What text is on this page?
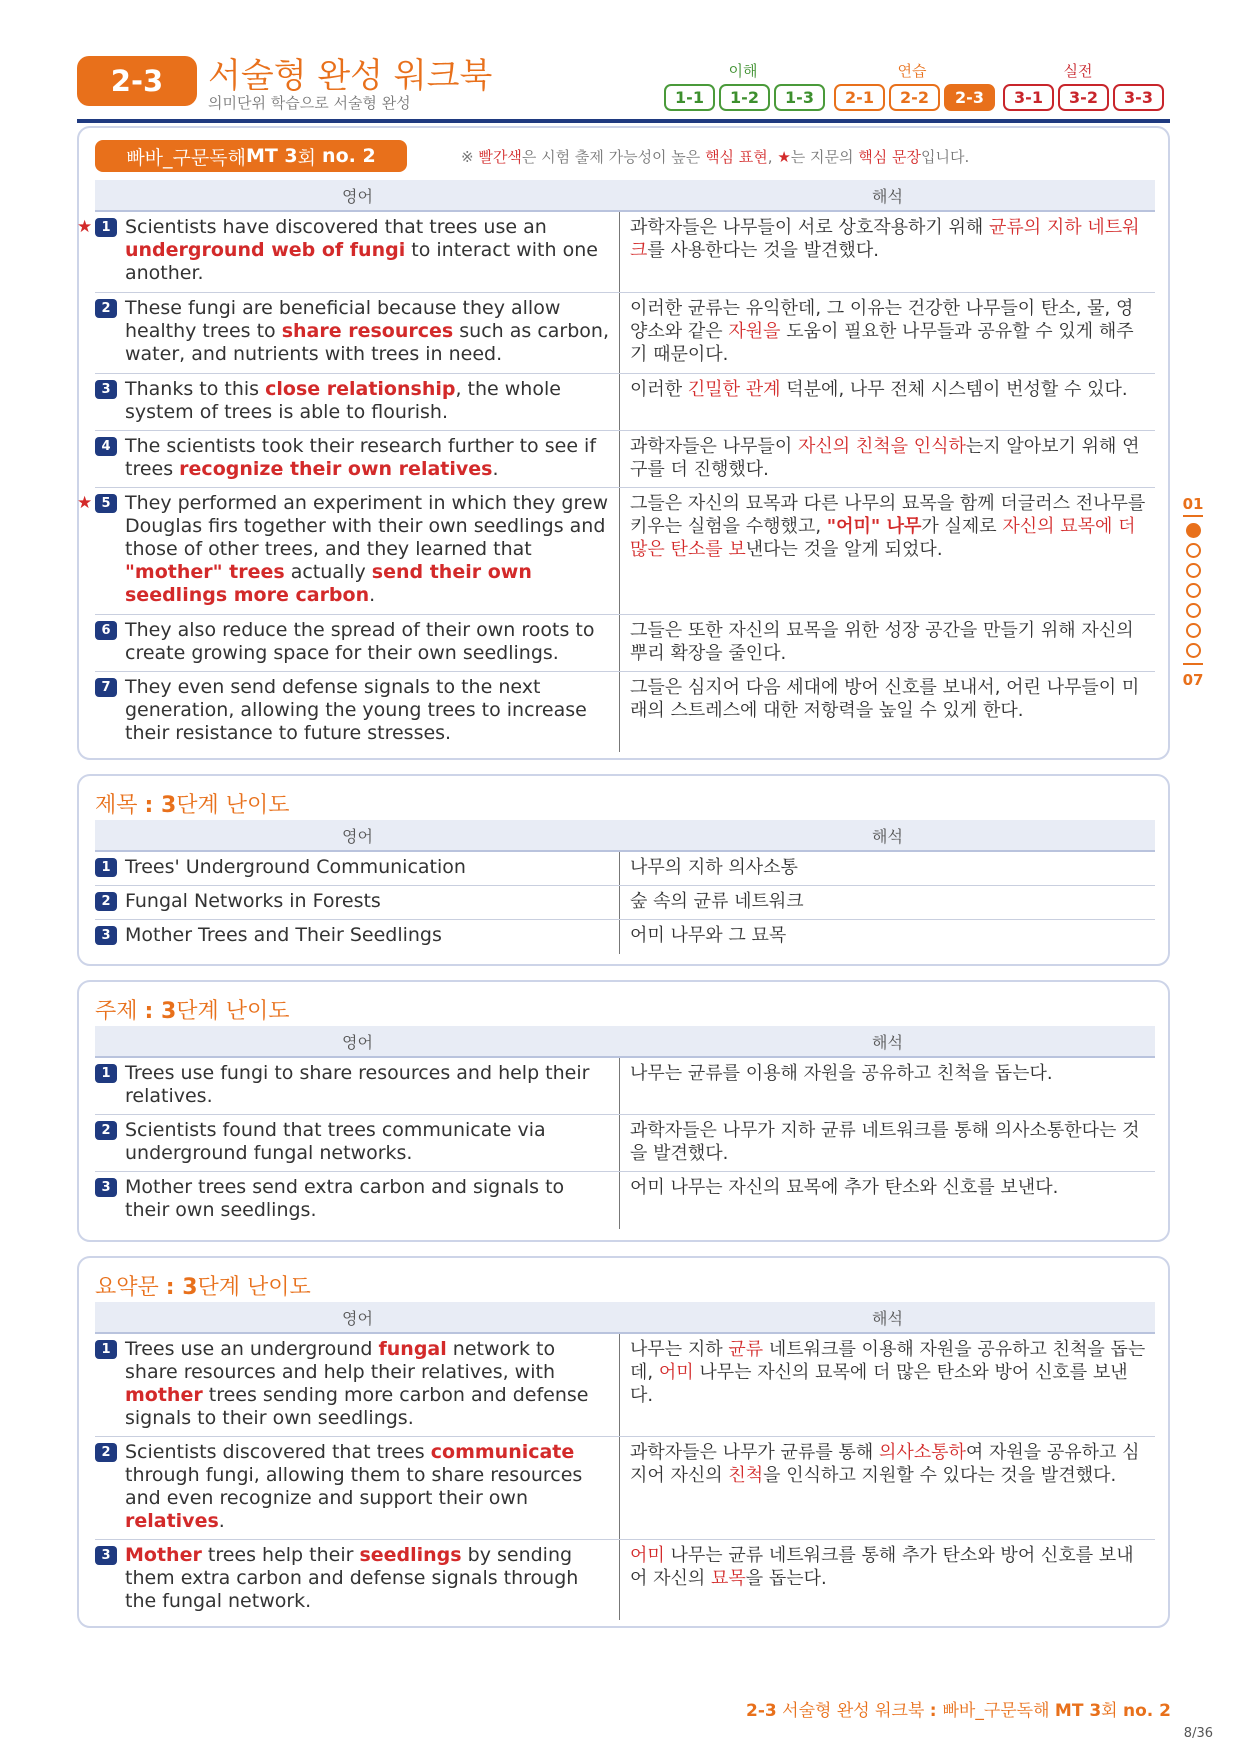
2-3	서술형 완성 워크북
의미단위 학습으로 서술형 완성
이해	연습	실전
1-1	1-2	1-3	2-1	2-2	2-3	3-1	3-2	3-3
빠바_구문독해 MT 3 회
no. 2	※ 빨간색은 시험 출제 가능성이 높은 핵심 표현, ★는 지문의 핵심 문장입니다.
영어	해석
★ 1 Scientists have discovered that trees use an underground web of fungi to interact with one another.
과학자들은 나무들이 서로 상호작용하기 위해 균류의 지하 네트워크를 사용한다는 것을 발견했다.
2 These fungi are beneficial because they allow healthy trees to share resources such as carbon, water, and nutrients with trees in need.
이러한 균류는 유익한데, 그 이유는 건강한 나무들이 탄소, 물, 영양소와 같은 자원을 도움이 필요한 나무들과 공유할 수 있게 해주기 때문이다.
3 Thanks to this close relationship, the whole system of trees is able to flourish.
이러한 긴밀한 관계 덕분에, 나무 전체 시스템이 번성할 수 있다.
4 The scientists took their research further to see if trees recognize their own relatives.
과학자들은 나무들이 자신의 친척을 인식하는지 알아보기 위해 연구를 더 진행했다.
★ 5 They performed an experiment in which they grew Douglas firs together with their own seedlings and those of other trees, and they learned that "mother" trees actually send their own seedlings more carbon.
그들은 자신의 묘목과 다른 나무의 묘목을 함께 더글러스 전나무를 키우는 실험을 수행했고, "어미" 나무가 실제로 자신의 묘목에 더 많은 탄소를 보낸다는 것을 알게 되었다.
6 They also reduce the spread of their own roots to create growing space for their own seedlings.
그들은 또한 자신의 묘목을 위한 성장 공간을 만들기 위해 자신의 뿌리 확장을 줄인다.
7 They even send defense signals to the next generation, allowing the young trees to increase their resistance to future stresses.
그들은 심지어 다음 세대에 방어 신호를 보내서, 어린 나무들이 미래의 스트레스에 대한 저항력을 높일 수 있게 한다.
제목 : 3단계 난이도
영어	해석
1 Trees' Underground Communication	나무의 지하 의사소통
2 Fungal Networks in Forests	숲 속의 균류 네트워크
3 Mother Trees and Their Seedlings	어미 나무와 그 묘목
주제 : 3단계 난이도
영어	해석
1 Trees use fungi to share resources and help their relatives.
나무는 균류를 이용해 자원을 공유하고 친척을 돕는다.
2 Scientists found that trees communicate via underground fungal networks.
과학자들은 나무가 지하 균류 네트워크를 통해 의사소통한다는 것을 발견했다.
3 Mother trees send extra carbon and signals to their own seedlings.
어미 나무는 자신의 묘목에 추가 탄소와 신호를 보낸다.
요약문 : 3단계 난이도
영어	해석
1 Trees use an underground fungal network to share resources and help their relatives, with mother trees sending more carbon and defense signals to their own seedlings.
나무는 지하 균류 네트워크를 이용해 자원을 공유하고 친척을 돕는데, 어미 나무는 자신의 묘목에 더 많은 탄소와 방어 신호를 보낸다.
2 Scientists discovered that trees communicate through fungi, allowing them to share resources and even recognize and support their own relatives.
과학자들은 나무가 균류를 통해 의사소통하여 자원을 공유하고 심지어 자신의 친척을 인식하고 지원할 수 있다는 것을 발견했다.
3 Mother trees help their seedlings by sending them extra carbon and defense signals through the fungal network.
어미 나무는 균류 네트워크를 통해 추가 탄소와 방어 신호를 보내어 자신의 묘목을 돕는다.
01
07
2-3 서술형 완성 워크북 : 빠바_구문독해 MT 3회 no. 2
8/36
